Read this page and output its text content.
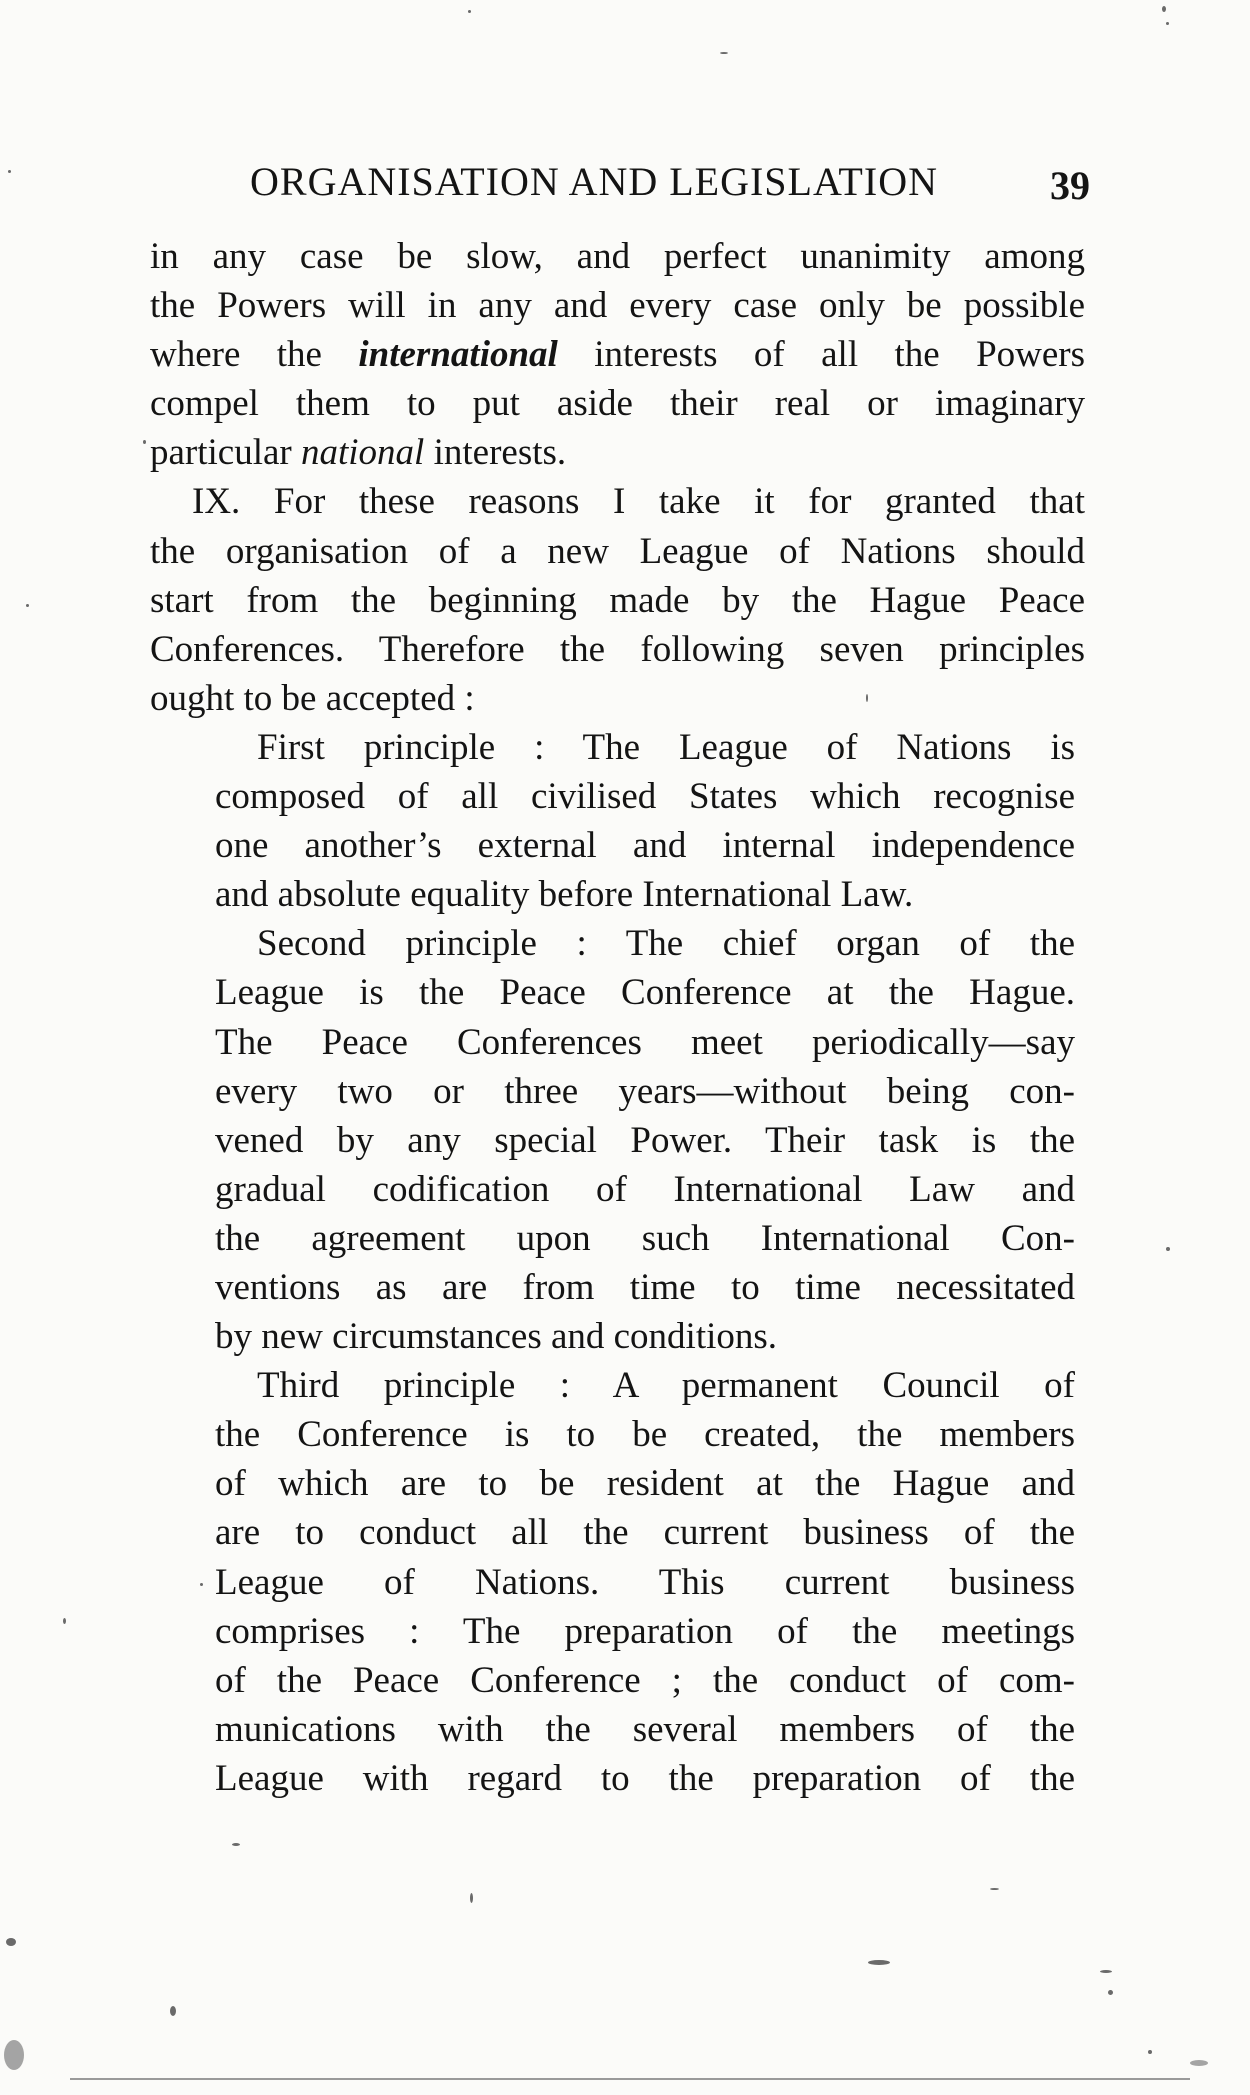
ORGANISATION AND LEGISLATION	39

in any case be slow, and perfect unanimity among
the Powers will in any and every case only be possible
where the international interests of all the Powers
compel them to put aside their real or imaginary
particular national interests.

IX. For these reasons I take it for granted that
the organisation of a new League of Nations should
start from the beginning made by the Hague Peace
Conferences. Therefore the following seven principles
ought to be accepted :

First principle : The League of Nations is
composed of all civilised States which recognise
one another’s external and internal independence
and absolute equality before International Law.

Second principle : The chief organ of the
League is the Peace Conference at the Hague.
The Peace Conferences meet periodically—say
every two or three years—without being con-
vened by any special Power. Their task is the
gradual codification of International Law and
the agreement upon such International Con-
ventions as are from time to time necessitated
by new circumstances and conditions.

Third principle : A permanent Council of
the Conference is to be created, the members
of which are to be resident at the Hague and
are to conduct all the current business of the
League of Nations. This current business
comprises : The preparation of the meetings
of the Peace Conference ; the conduct of com-
munications with the several members of the
League with regard to the preparation of the
